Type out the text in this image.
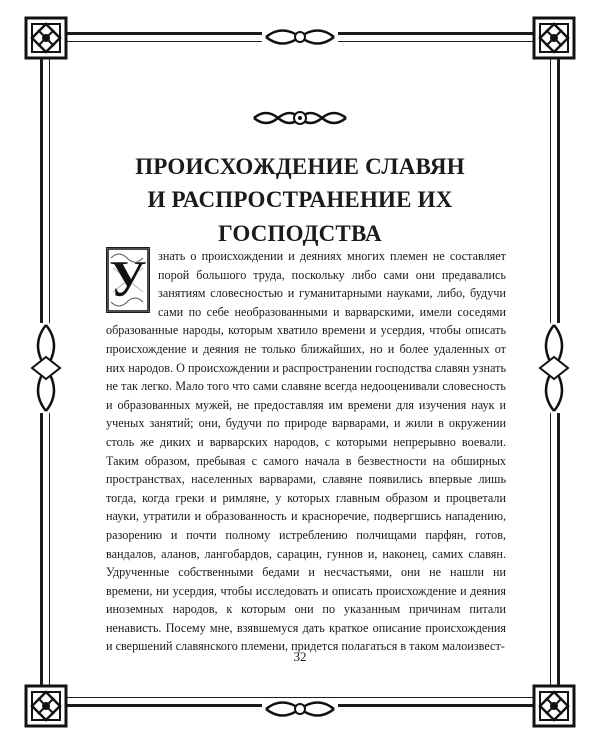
ПРОИСХОЖДЕНИЕ СЛАВЯН
И РАСПРОСТРАНЕНИЕ ИХ ГОСПОДСТВА

У знать о происхождении и деяниях многих племен не составляет порой большого труда, поскольку либо сами они предавались занятиям словесностью и гуманитарными науками, либо, будучи сами по себе необразованными и варварскими, имели соседями образованные народы, которым хватило времени и усердия, чтобы описать происхождение и деяния не только ближайших, но и более удаленных от них народов. О происхождении и распространении господства славян узнать не так легко. Мало того что сами славяне всегда недооценивали словесность и образованных мужей, не предоставляя им времени для изучения наук и ученых занятий; они, будучи по природе варварами, и жили в окружении столь же диких и варварских народов, с которыми непрерывно воевали. Таким образом, пребывая с самого начала в безвестности на обширных пространствах, населенных варварами, славяне появились впервые лишь тогда, когда греки и римляне, у которых главным образом и процветали науки, утратили и образованность и красноречие, подвергшись нападению, разорению и почти полному истреблению полчищами парфян, готов, вандалов, аланов, лангобардов, сарацин, гуннов и, наконец, самих славян. Удрученные собственными бедами и несчастьями, они не нашли ни времени, ни усердия, чтобы исследовать и описать происхождение и деяния иноземных народов, к которым они по указанным причинам питали ненависть. Посему мне, взявшемуся дать краткое описание происхождения и свершений славянского племени, придется полагаться в таком малоизвест-

32
